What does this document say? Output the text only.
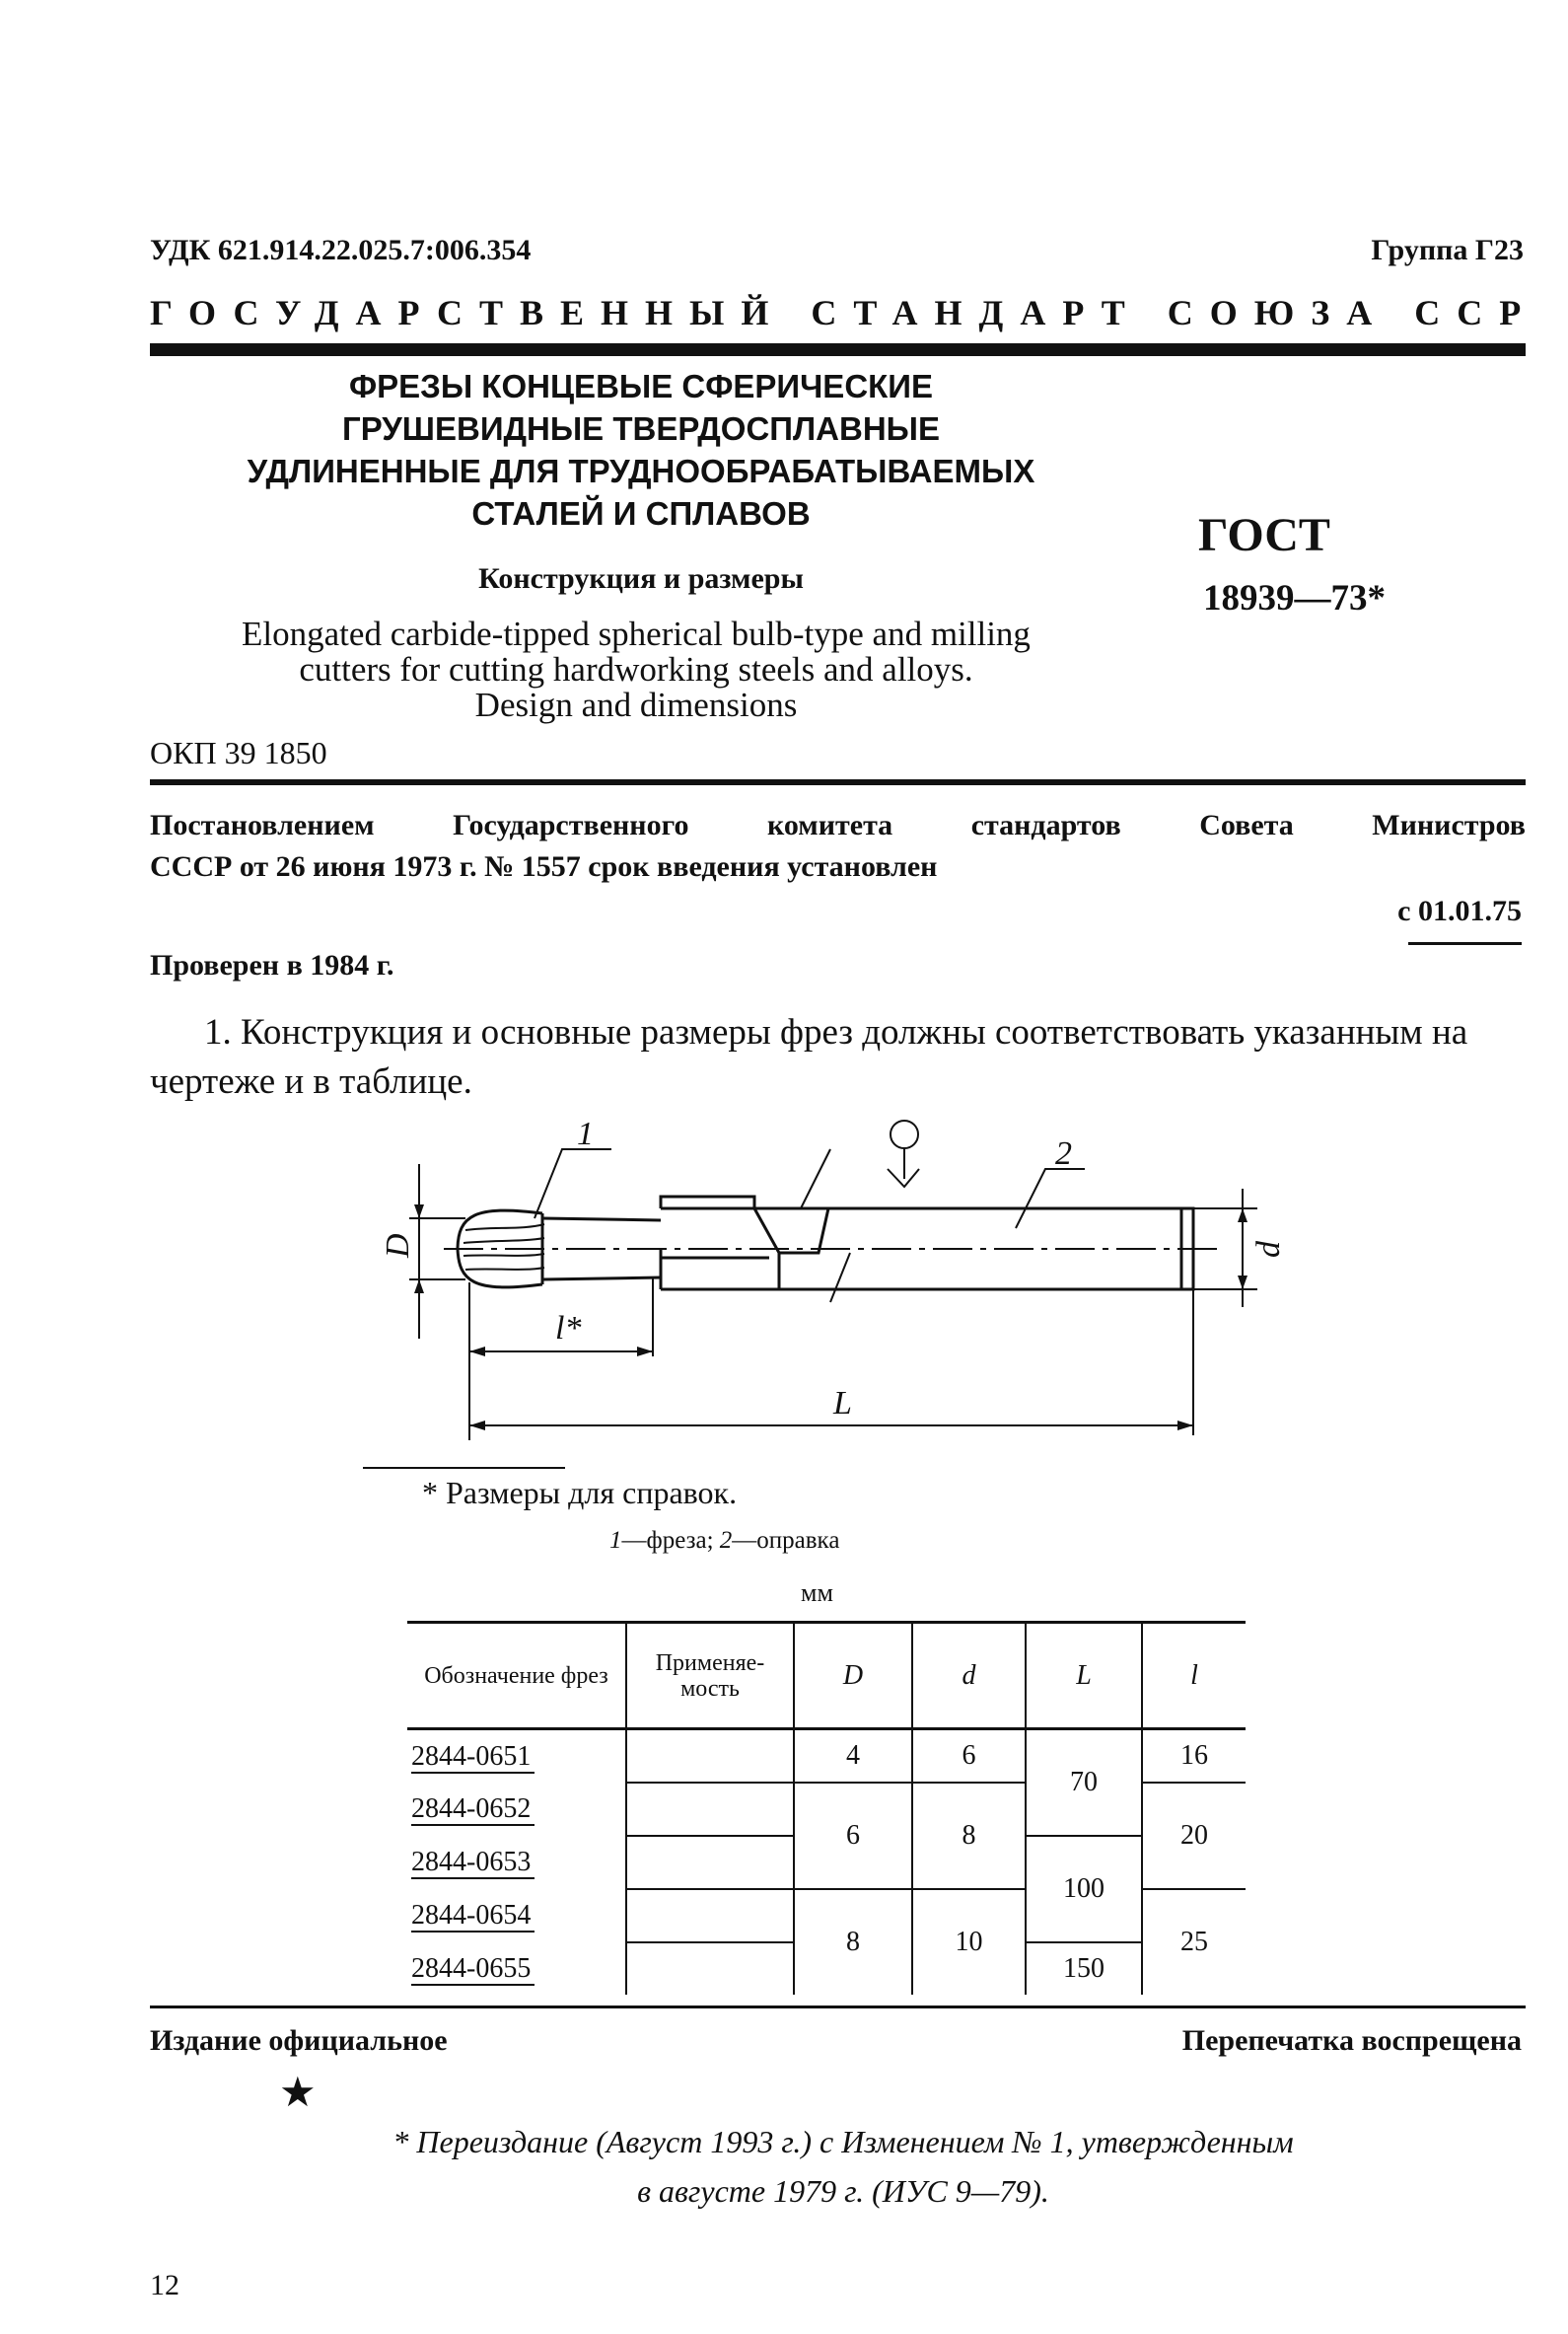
УДК 621.914.22.025.7:006.354	Группа Г23
ГОСУДАРСТВЕННЫЙ СТАНДАРТ СОЮЗА ССР
ФРЕЗЫ КОНЦЕВЫЕ СФЕРИЧЕСКИЕ
ГРУШЕВИДНЫЕ ТВЕРДОСПЛАВНЫЕ
УДЛИНЕННЫЕ ДЛЯ ТРУДНООБРАБАТЫВАЕМЫХ
СТАЛЕЙ И СПЛАВОВ
Конструкция и размеры
Elongated carbide-tipped spherical bulb-type and milling
cutters for cutting hardworking steels and alloys.
Design and dimensions
ОКП 39 1850
ГОСТ
18939—73*
Постановлением Государственного комитета стандартов Совета Министров
СССР от 26 июня 1973 г. № 1557 срок введения установлен
с 01.01.75
Проверен в 1984 г.
1. Конструкция и основные размеры фрез должны соответствовать указанным на чертеже и в таблице.
1
2
D	d
l*
L
* Размеры для справок.
1—фреза; 2—оправка
мм
Обозначение фрез	Применяе-мость	D	d	L	l
2844-0651		4	6	70	16
2844-0652		6	8		20
2844-0653				100	
2844-0654		8	10		25
2844-0655				150	
Издание официальное	Перепечатка воспрещена
★
* Переиздание (Август 1993 г.) с Изменением № 1, утвержденным
в августе 1979 г. (ИУС 9—79).
12
